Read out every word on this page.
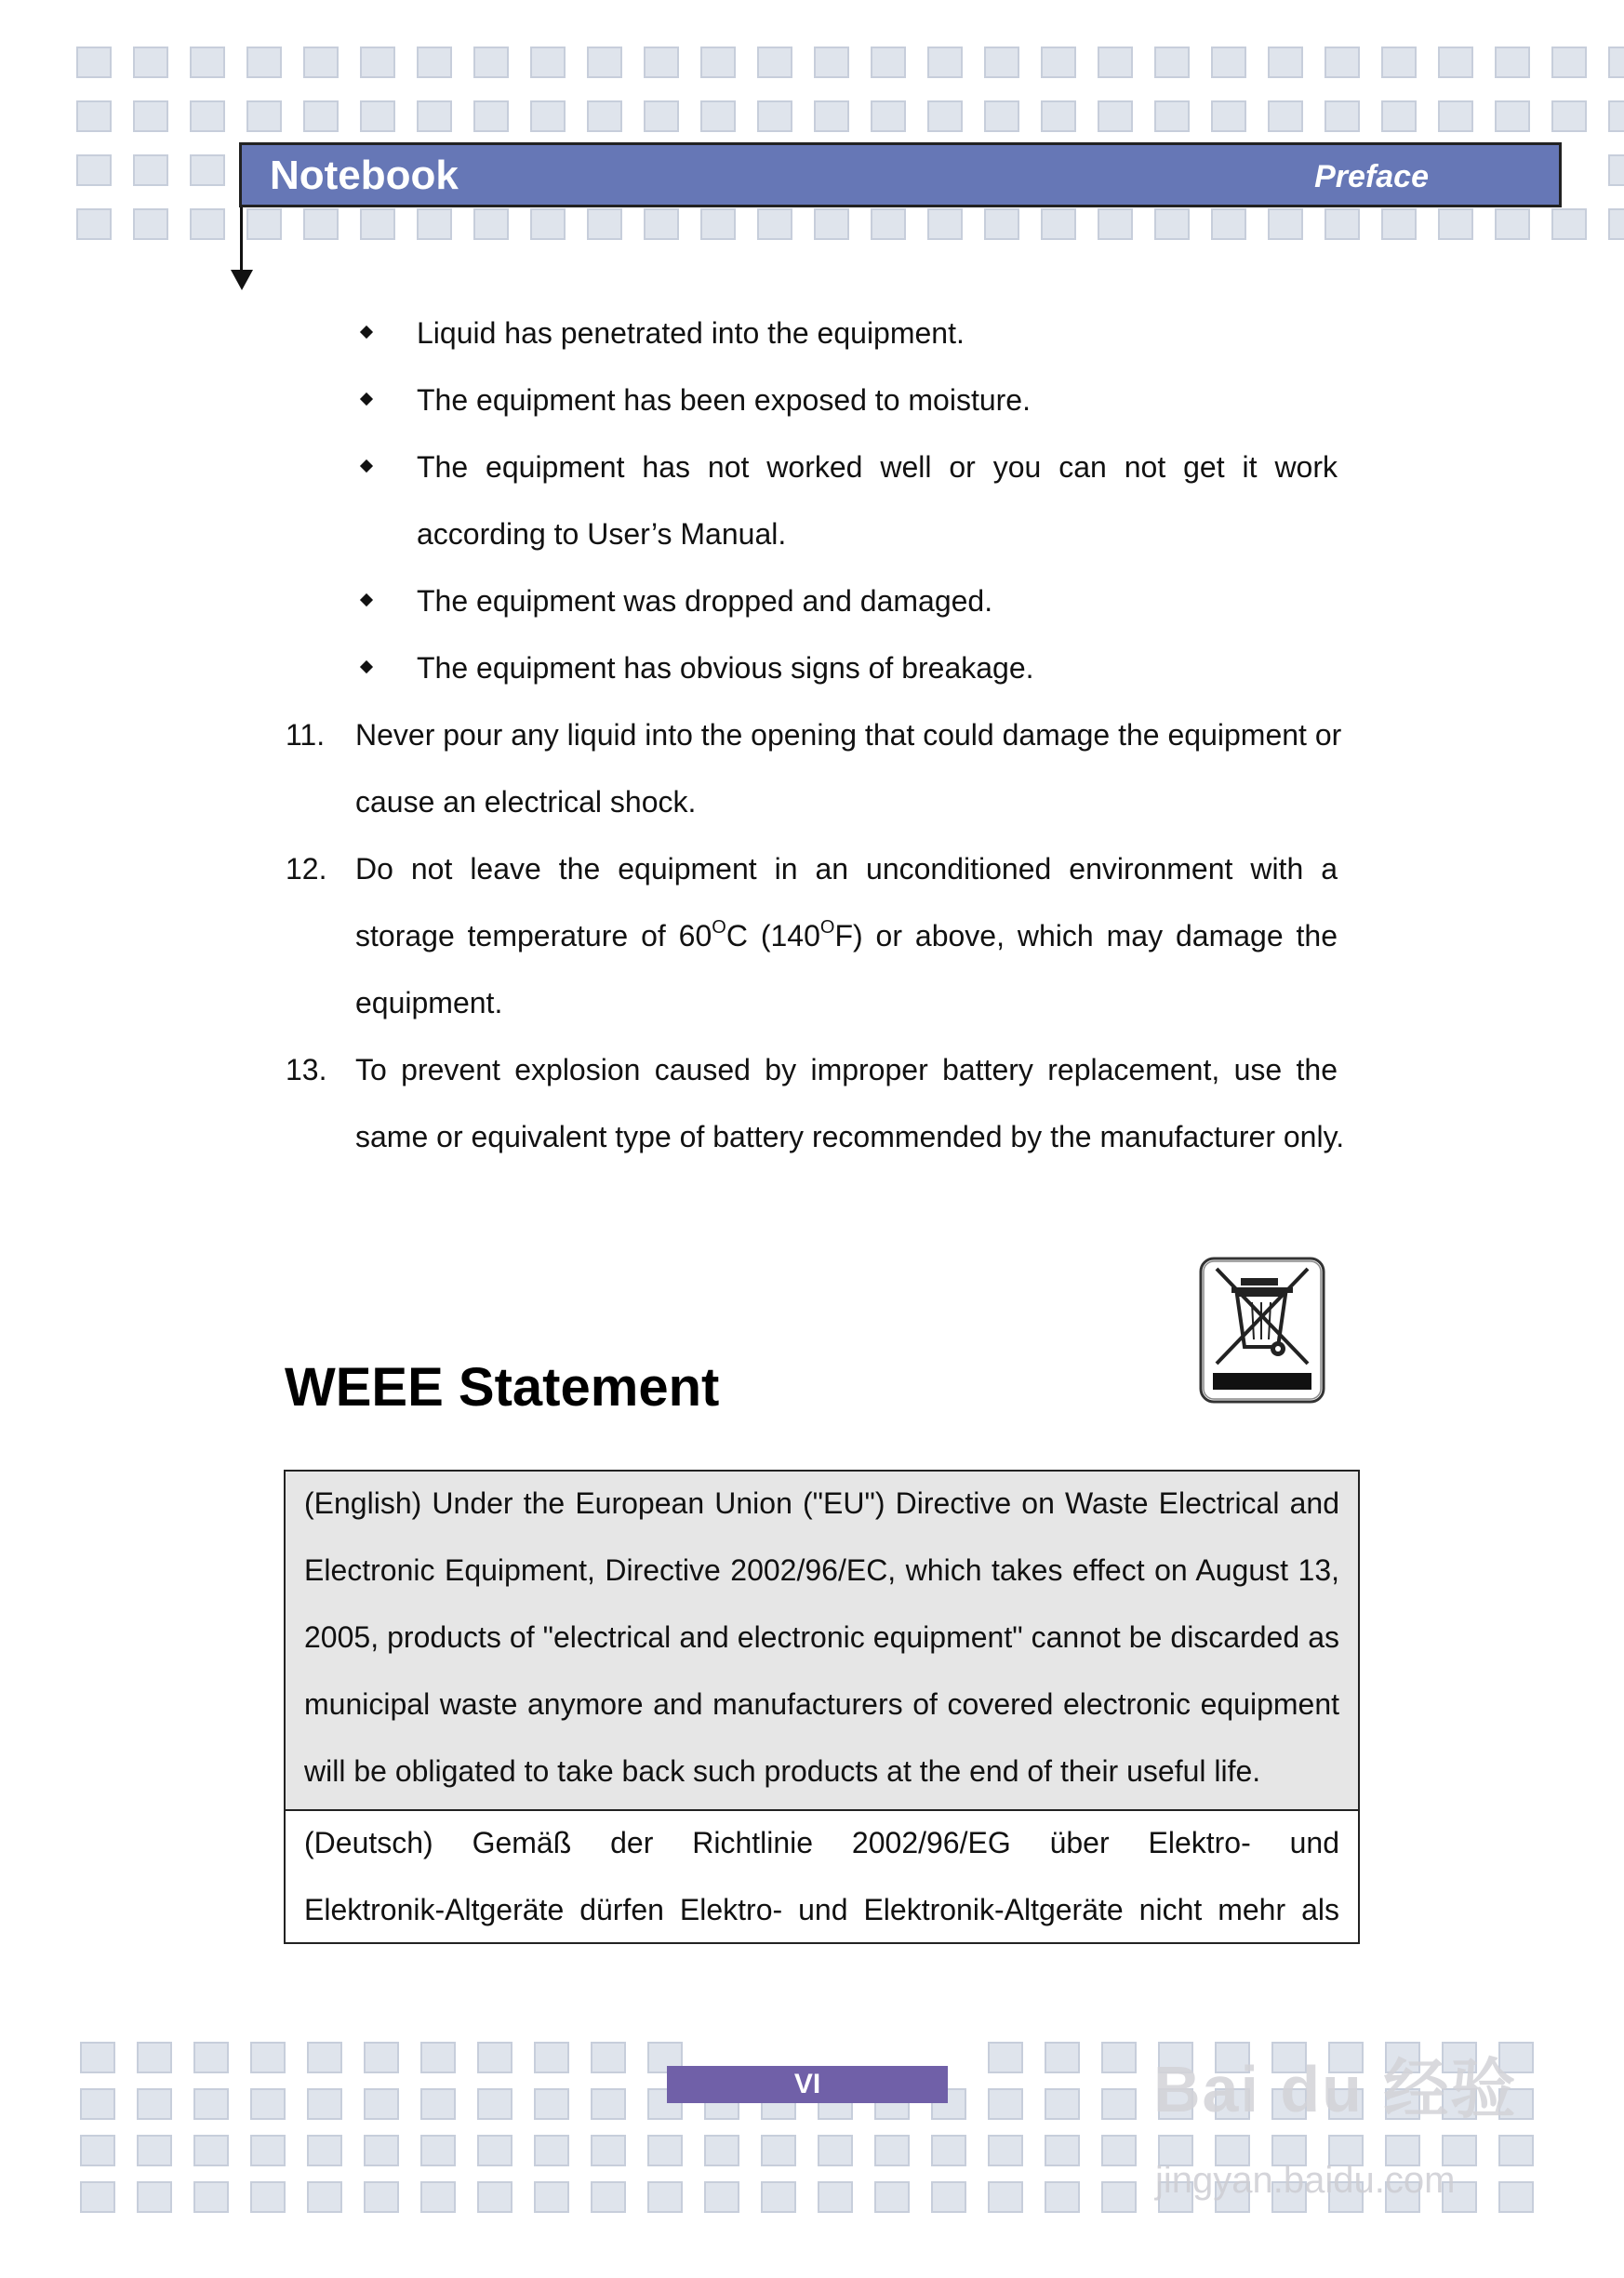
Notebook	Preface
Liquid has penetrated into the equipment.
The equipment has been exposed to moisture.
The equipment has not worked well or you can not get it work
according to User’s Manual.
The equipment was dropped and damaged.
The equipment has obvious signs of breakage.
11. Never pour any liquid into the opening that could damage the equipment or
cause an electrical shock.
12. Do not leave the equipment in an unconditioned environment with a
storage temperature of $60^OC$ $(140^OF)$ or above, which may damage the
equipment.
13. To prevent explosion caused by improper battery replacement, use the
same or equivalent type of battery recommended by the manufacturer only.
WEEE Statement
(English) Under the European Union ("EU") Directive on Waste Electrical and
Electronic Equipment, Directive 2002/96/EC, which takes effect on August 13,
2005, products of "electrical and electronic equipment" cannot be discarded as
municipal waste anymore and manufacturers of covered electronic equipment
will be obligated to take back such products at the end of their useful life.
(Deutsch) Gemäß der Richtlinie 2002/96/EG über Elektro- und
Elektronik-Altgeräte dürfen Elektro- und Elektronik-Altgeräte nicht mehr als
VI	Bai du 经验
jingyan.baidu.com
